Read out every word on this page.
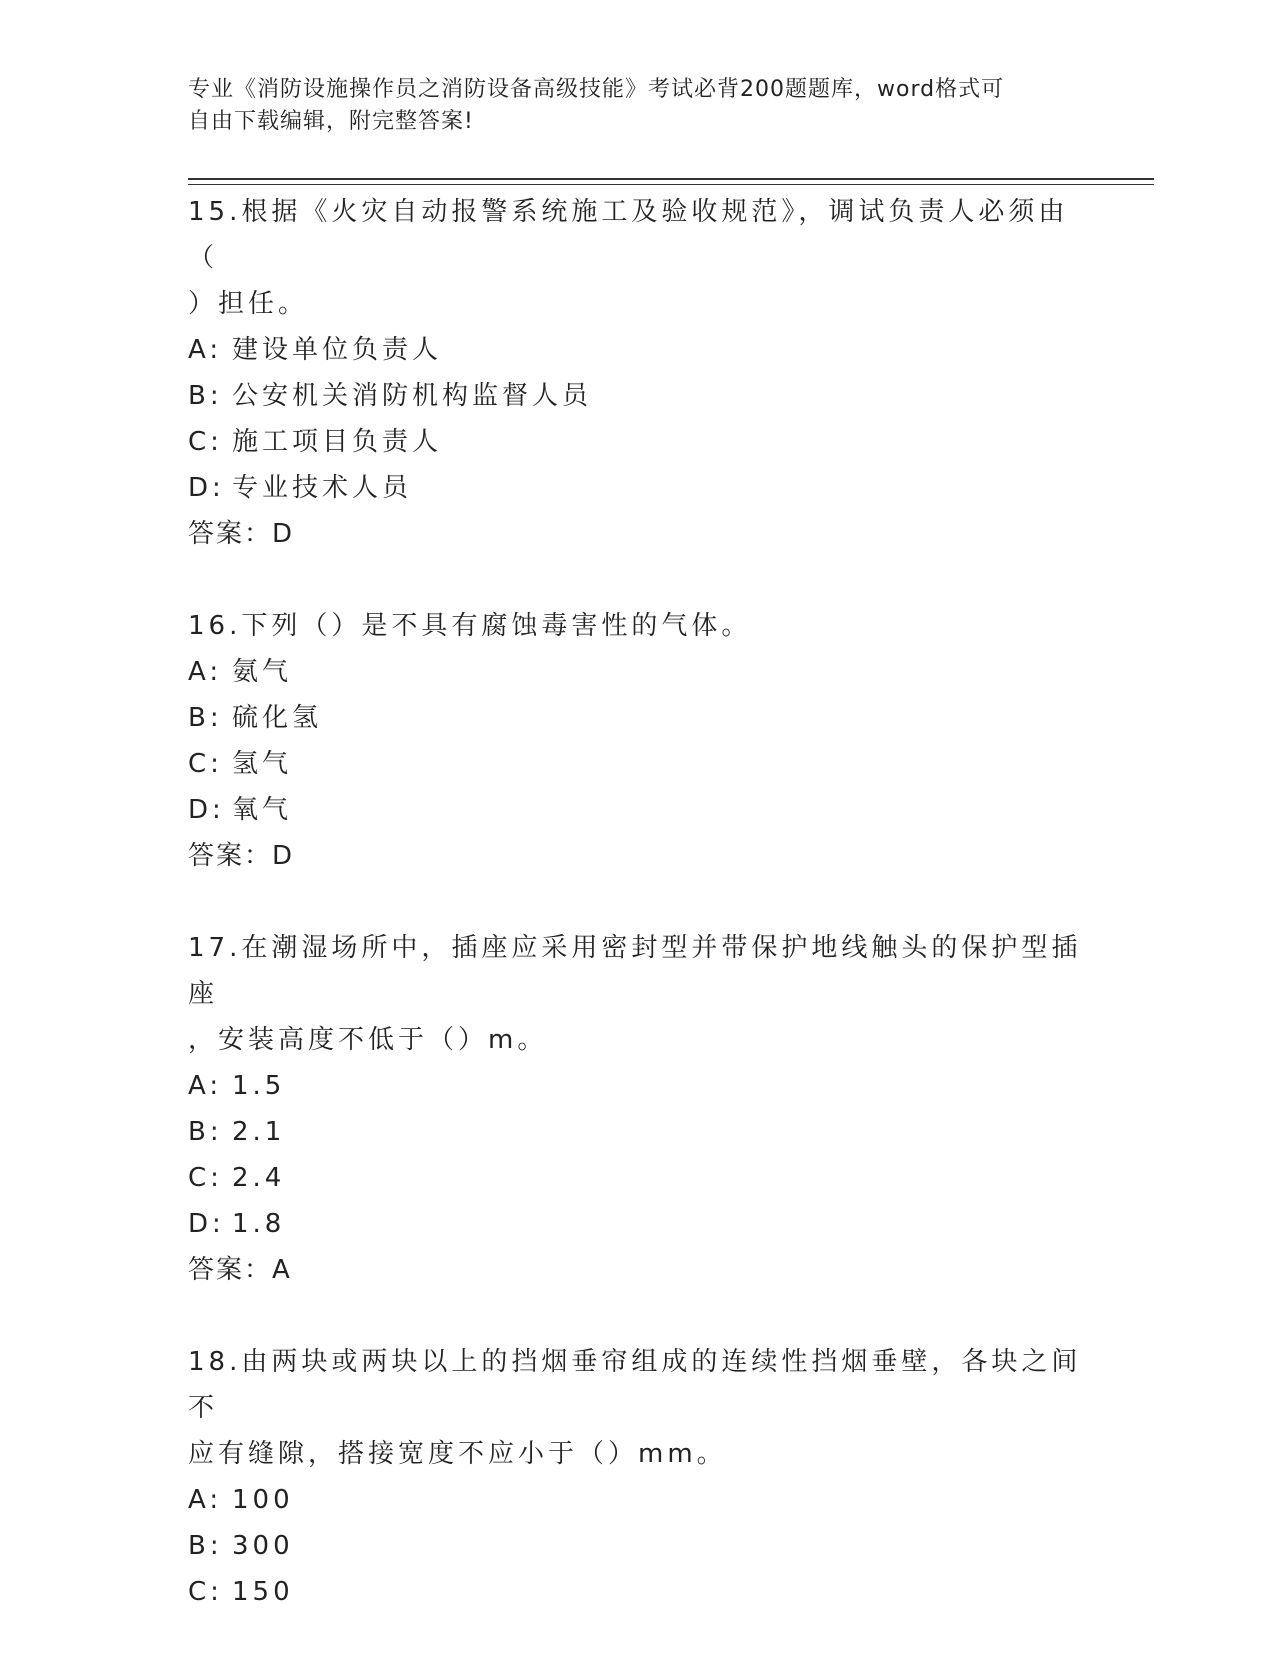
专业《消防设施操作员之消防设备高级技能》考试必背200题题库，word格式可
自由下载编辑，附完整答案!
15.根据《火灾自动报警系统施工及验收规范》，调试负责人必须由（
）担任。
A: 建设单位负责人
B: 公安机关消防机构监督人员
C: 施工项目负责人
D: 专业技术人员
答案：D
16.下列（）是不具有腐蚀毒害性的气体。
A: 氨气
B: 硫化氢
C: 氢气
D: 氧气
答案：D
17.在潮湿场所中，插座应采用密封型并带保护地线触头的保护型插座
，安装高度不低于（）m。
A: 1.5
B: 2.1
C: 2.4
D: 1.8
答案：A
18.由两块或两块以上的挡烟垂帘组成的连续性挡烟垂壁，各块之间不
应有缝隙，搭接宽度不应小于（）mm。
A: 100
B: 300
C: 150
